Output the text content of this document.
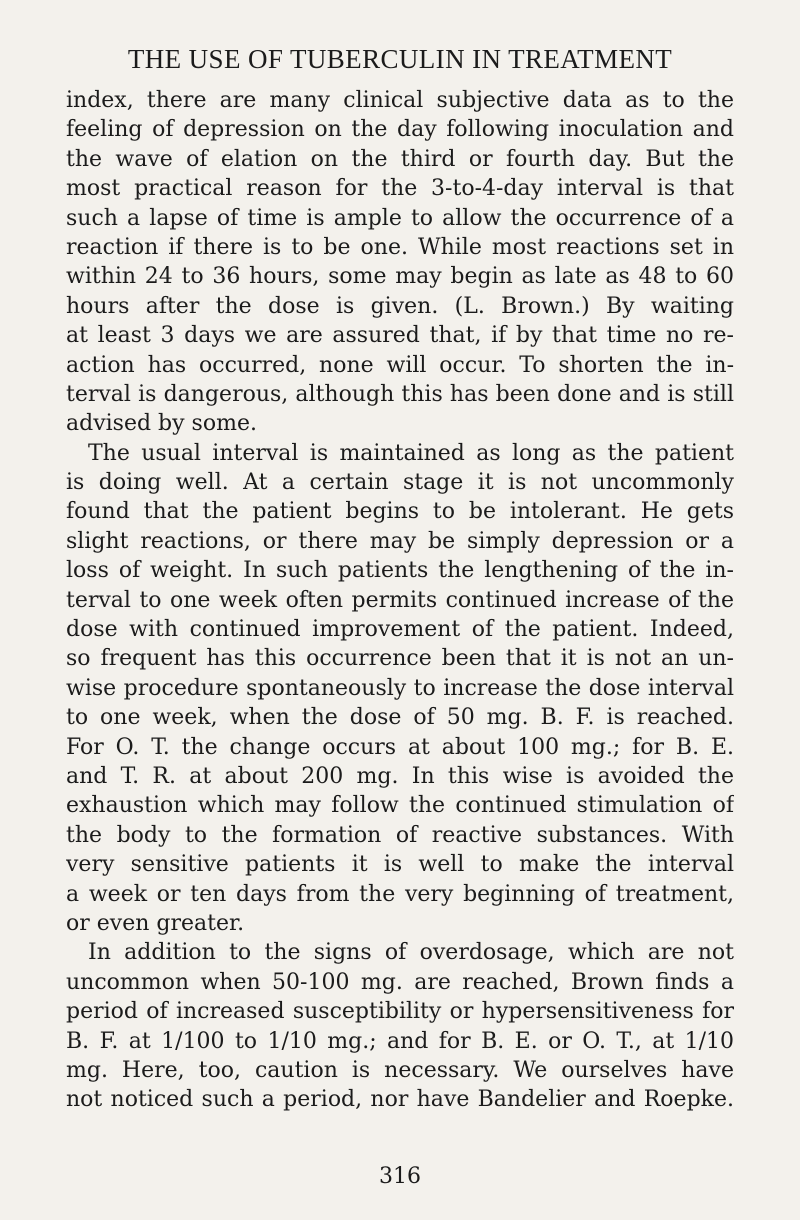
THE USE OF TUBERCULIN IN TREATMENT
index, there are many clinical subjective data as to the
feeling of depression on the day following inoculation and
the wave of elation on the third or fourth day. But the
most practical reason for the 3-to-4-day interval is that
such a lapse of time is ample to allow the occurrence of a
reaction if there is to be one. While most reactions set in
within 24 to 36 hours, some may begin as late as 48 to 60
hours after the dose is given. (L. Brown.) By waiting
at least 3 days we are assured that, if by that time no re-
action has occurred, none will occur. To shorten the in-
terval is dangerous, although this has been done and is still
advised by some.
The usual interval is maintained as long as the patient
is doing well. At a certain stage it is not uncommonly
found that the patient begins to be intolerant. He gets
slight reactions, or there may be simply depression or a
loss of weight. In such patients the lengthening of the in-
terval to one week often permits continued increase of the
dose with continued improvement of the patient. Indeed,
so frequent has this occurrence been that it is not an un-
wise procedure spontaneously to increase the dose interval
to one week, when the dose of 50 mg. B. F. is reached.
For O. T. the change occurs at about 100 mg.; for B. E.
and T. R. at about 200 mg. In this wise is avoided the
exhaustion which may follow the continued stimulation of
the body to the formation of reactive substances. With
very sensitive patients it is well to make the interval
a week or ten days from the very beginning of treatment,
or even greater.
In addition to the signs of overdosage, which are not
uncommon when 50-100 mg. are reached, Brown finds a
period of increased susceptibility or hypersensitiveness for
B. F. at 1/100 to 1/10 mg.; and for B. E. or O. T., at 1/10
mg. Here, too, caution is necessary. We ourselves have
not noticed such a period, nor have Bandelier and Roepke.
316
